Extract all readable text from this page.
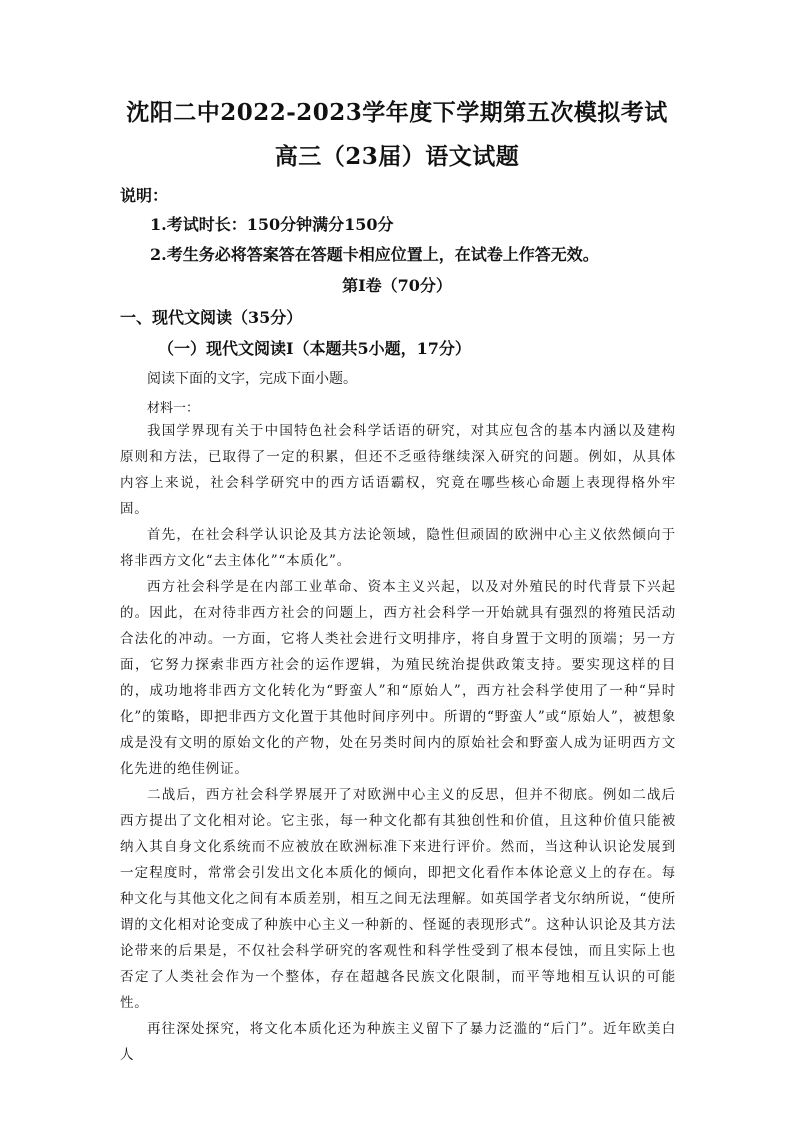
沈阳二中2022-2023学年度下学期第五次模拟考试
高三（23届）语文试题
说明：
1.考试时长：150分钟满分150分
2.考生务必将答案答在答题卡相应位置上，在试卷上作答无效。
第Ⅰ卷（70分）
一、现代文阅读（35分）
（一）现代文阅读Ⅰ（本题共5小题，17分）
阅读下面的文字，完成下面小题。
材料一：

我国学界现有关于中国特色社会科学话语的研究，对其应包含的基本内涵以及建构原则和方法，已取得了一定的积累，但还不乏亟待继续深入研究的问题。例如，从具体内容上来说，社会科学研究中的西方话语霸权，究竟在哪些核心命题上表现得格外牢固。

首先，在社会科学认识论及其方法论领域，隐性但顽固的欧洲中心主义依然倾向于将非西方文化“去主体化”“本质化”。

西方社会科学是在内部工业革命、资本主义兴起，以及对外殖民的时代背景下兴起的。因此，在对待非西方社会的问题上，西方社会科学一开始就具有强烈的将殖民活动合法化的冲动。一方面，它将人类社会进行文明排序，将自身置于文明的顶端；另一方面，它努力探索非西方社会的运作逻辑，为殖民统治提供政策支持。要实现这样的目的，成功地将非西方文化转化为“野蛮人”和“原始人”，西方社会科学使用了一种“异时化”的策略，即把非西方文化置于其他时间序列中。所谓的“野蛮人”或“原始人”，被想象成是没有文明的原始文化的产物，处在另类时间内的原始社会和野蛮人成为证明西方文化先进的绝佳例证。

二战后，西方社会科学界展开了对欧洲中心主义的反思，但并不彻底。例如二战后西方提出了文化相对论。它主张，每一种文化都有其独创性和价值，且这种价值只能被纳入其自身文化系统而不应被放在欧洲标准下来进行评价。然而，当这种认识论发展到一定程度时，常常会引发出文化本质化的倾向，即把文化看作本体论意义上的存在。每种文化与其他文化之间有本质差别，相互之间无法理解。如英国学者戈尔纳所说，“使所谓的文化相对论变成了种族中心主义一种新的、怪诞的表现形式”。这种认识论及其方法论带来的后果是，不仅社会科学研究的客观性和科学性受到了根本侵蚀，而且实际上也否定了人类社会作为一个整体，存在超越各民族文化限制，而平等地相互认识的可能性。

再往深处探究，将文化本质化还为种族主义留下了暴力泛滥的“后门”。近年欧美白人
